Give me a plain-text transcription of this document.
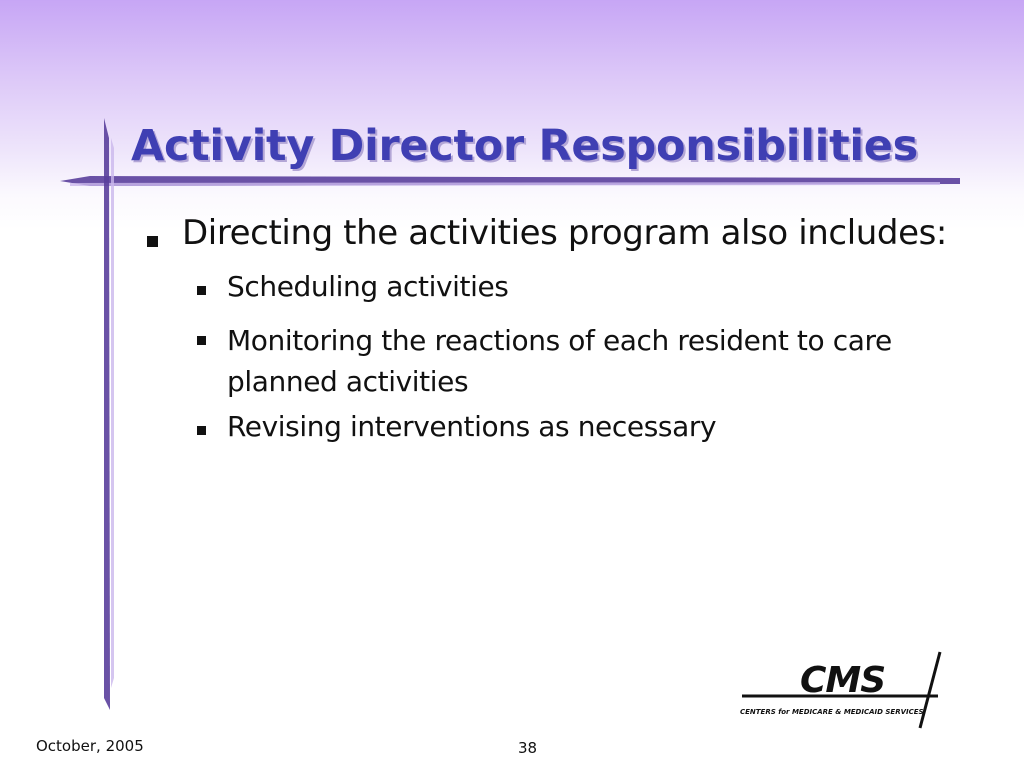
Activity Director Responsibilities
Directing the activities program also includes:
Scheduling activities
Monitoring the reactions of each resident to care planned activities
Revising interventions as necessary
CMS
CENTERS for MEDICARE & MEDICAID SERVICES
October, 2005	38
